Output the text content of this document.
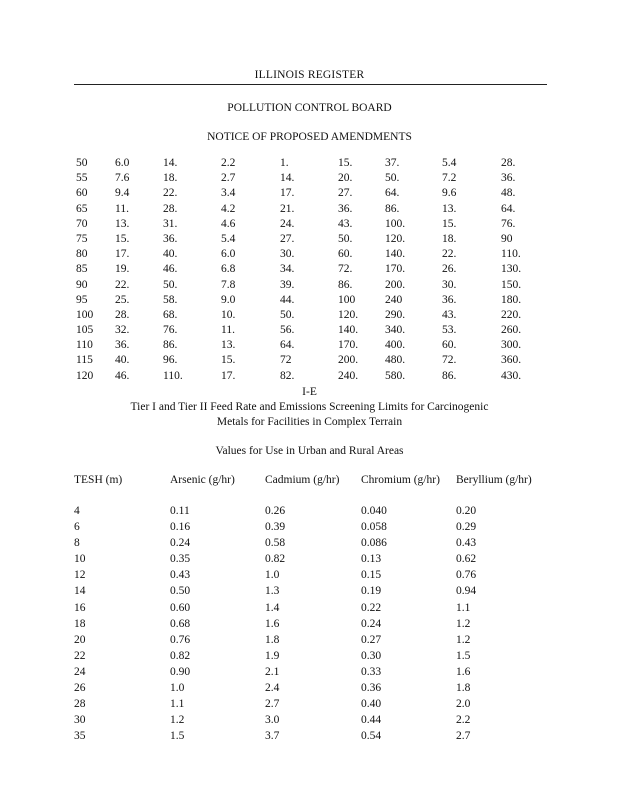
ILLINOIS REGISTER
POLLUTION CONTROL BOARD
NOTICE OF PROPOSED AMENDMENTS
50 6.0	14.	2.2	1.	15.	37.	5.4	28.
55 7.6	18.	2.7	14.	20.	50.	7.2	36.
60 9.4	22.	3.4	17.	27.	64.	9.6	48.
65 11.	28.	4.2	21.	36.	86.	13.	64.
70 13.	31.	4.6	24.	43.	100.	15.	76.
75 15.	36.	5.4	27.	50.	120.	18.	90
80 17.	40.	6.0	30.	60.	140.	22.	110.
85 19.	46.	6.8	34.	72.	170.	26.	130.
90 22.	50.	7.8	39.	86.	200.	30.	150.
95 25.	58.	9.0	44.	100	240	36.	180.
100 28.	68.	10.	50.	120. 290.	43.	220.
105 32.	76.	11.	56.	140. 340.	53.	260.
110 36.	86.	13.	64.	170. 400.	60.	300.
115 40.	96.	15.	72	200. 480.	72.	360.
120 46.	110.	17.	82.	240. 580.	86.	430.
I-E
Tier I and Tier II Feed Rate and Emissions Screening Limits for Carcinogenic
Metals for Facilities in Complex Terrain
Values for Use in Urban and Rural Areas
TESH (m)	Arsenic (g/hr)	Cadmium (g/hr) Chromium (g/hr) Beryllium (g/hr)
4	0.11	0.26	0.040	0.20
6	0.16	0.39	0.058	0.29
8	0.24	0.58	0.086	0.43
10	0.35	0.82	0.13	0.62
12	0.43	1.0	0.15	0.76
14	0.50	1.3	0.19	0.94
16	0.60	1.4	0.22	1.1
18	0.68	1.6	0.24	1.2
20	0.76	1.8	0.27	1.2
22	0.82	1.9	0.30	1.5
24	0.90	2.1	0.33	1.6
26	1.0	2.4	0.36	1.8
28	1.1	2.7	0.40	2.0
30	1.2	3.0	0.44	2.2
35	1.5	3.7	0.54	2.7
